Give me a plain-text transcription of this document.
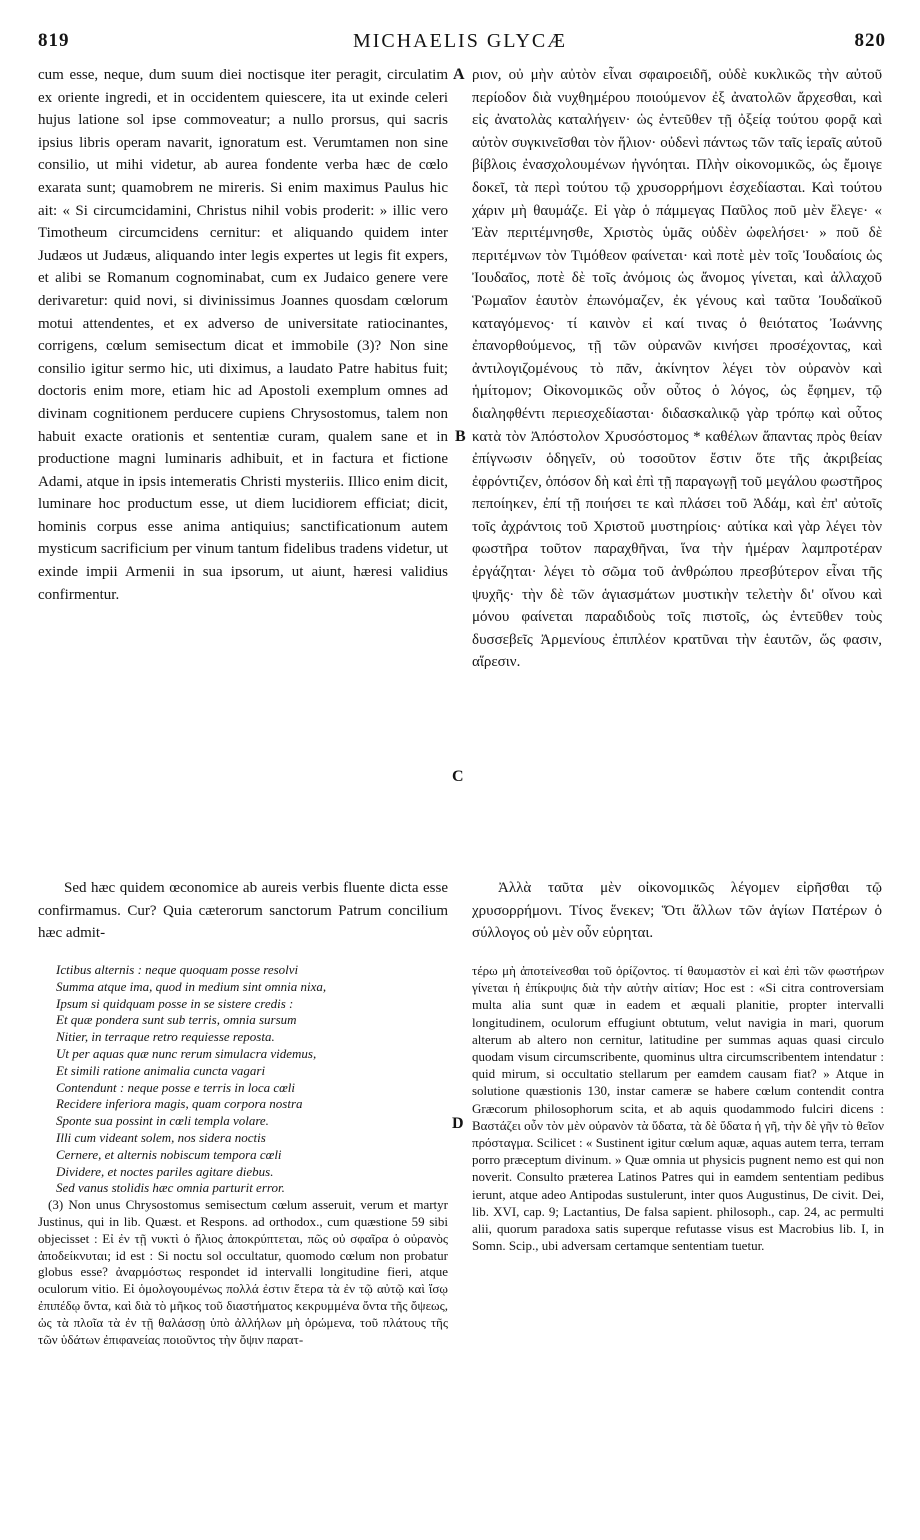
819	MICHAELIS GLYCÆ	820
A
B
C
D

cum esse, neque, dum suum diei noctisque iter peragit, circulatim ex oriente ingredi, et in occidentem quiescere, ita ut exinde celeri hujus latione sol ipse commoveatur; a nullo prorsus, qui sacris ipsius libris operam navarit, ignoratum est. Verumtamen non sine consilio, ut mihi videtur, ab aurea fondente verba hæc de cœlo exarata sunt; quamobrem ne mireris. Si enim maximus Paulus hic ait: « Si circumcidamini, Christus nihil vobis proderit: » illic vero Timotheum circumcidens cernitur: et aliquando quidem inter Judæos ut Judæus, aliquando inter legis expertes ut legis fit expers, et alibi se Romanum cognominabat, cum ex Judaico genere vere derivaretur: quid novi, si divinissimus Joannes quosdam cœlorum motui attendentes, et ex adverso de universitate ratiocinantes, corrigens, cœlum semisectum dicat et immobile (3)? Non sine consilio igitur sermo hic, uti diximus, a laudato Patre habitus fuit; doctoris enim more, etiam hic ad Apostoli exemplum omnes ad divinam cognitionem perducere cupiens Chrysostomus, talem non habuit exacte orationis et sententiæ curam, qualem sane et in productione magni luminaris adhibuit, et in factura et fictione Adami, atque in ipsis intemeratis Christi mysteriis. Illico enim dicit, luminare hoc productum esse, ut diem lucidiorem efficiat; dicit, hominis corpus esse anima antiquius; sanctificationum autem mysticum sacrificium per vinum tantum fidelibus tradens videtur, ut exinde impii Armenii in sua ipsorum, ut aiunt, hæresi validius confirmentur.

ριον, οὐ μὴν αὐτὸν εἶναι σφαιροειδῆ, οὐδὲ κυκλικῶς τὴν αὐτοῦ περίοδον διὰ νυχθημέρου ποιούμενον ἐξ ἀνατολῶν ἄρχεσθαι, καὶ εἰς ἀνατολὰς καταλήγειν· ὡς ἐντεῦθεν τῇ ὀξείᾳ τούτου φορᾷ καὶ αὐτὸν συγκινεῖσθαι τὸν ἥλιον· οὐδενὶ πάντως τῶν ταῖς ἱεραῖς αὐτοῦ βίβλοις ἐνασχολουμένων ἠγνόηται. Πλὴν οἰκονομικῶς, ὡς ἔμοιγε δοκεῖ, τὰ περὶ τούτου τῷ χρυσορρήμονι ἐσχεδίασται. Καὶ τούτου χάριν μὴ θαυμάζε. Εἰ γὰρ ὁ πάμμεγας Παῦλος ποῦ μὲν ἔλεγε· « Ἐὰν περιτέμνησθε, Χριστὸς ὑμᾶς οὐδὲν ὠφελήσει· » ποῦ δὲ περιτέμνων τὸν Τιμόθεον φαίνεται· καὶ ποτὲ μὲν τοῖς Ἰουδαίοις ὡς Ἰουδαῖος, ποτὲ δὲ τοῖς ἀνόμοις ὡς ἄνομος γίνεται, καὶ ἀλλαχοῦ Ῥωμαῖον ἑαυτὸν ἐπωνόμαζεν, ἐκ γένους καὶ ταῦτα Ἰουδαϊκοῦ καταγόμενος· τί καινὸν εἰ καί τινας ὁ θειότατος Ἰωάννης ἐπανορθούμενος, τῇ τῶν οὐρανῶν κινήσει προσέχοντας, καὶ ἀντιλογιζομένους τὸ πᾶν, ἀκίνητον λέγει τὸν οὐρανὸν καὶ ἡμίτομον; Οἰκονομικῶς οὖν οὗτος ὁ λόγος, ὡς ἔφημεν, τῷ διαληφθέντι περιεσχεδίασται· διδασκαλικῷ γὰρ τρόπῳ καὶ οὗτος κατὰ τὸν Ἀπόστολον Χρυσόστομος * καθέλων ἅπαντας πρὸς θείαν ἐπίγνωσιν ὁδηγεῖν, οὐ τοσοῦτον ἔστιν ὅτε τῆς ἀκριβείας ἐφρόντιζεν, ὁπόσον δὴ καὶ ἐπὶ τῇ παραγωγῇ τοῦ μεγάλου φωστῆρος πεποίηκεν, ἐπί τῇ ποιήσει τε καὶ πλάσει τοῦ Ἀδάμ, καὶ ἐπ' αὐτοῖς τοῖς ἀχράντοις τοῦ Χριστοῦ μυστηρίοις· αὐτίκα καὶ γὰρ λέγει τὸν φωστῆρα τοῦτον παραχθῆναι, ἵνα τὴν ἡμέραν λαμπροτέραν ἐργάζηται· λέγει τὸ σῶμα τοῦ ἀνθρώπου πρεσβύτερον εἶναι τῆς ψυχῆς· τὴν δὲ τῶν ἁγιασμάτων μυστικὴν τελετὴν δι' οἴνου καὶ μόνου φαίνεται παραδιδοὺς τοῖς πιστοῖς, ὡς ἐντεῦθεν τοὺς δυσσεβεῖς Ἀρμενίους ἐπιπλέον κρατῦναι τὴν ἑαυτῶν, ὥς φασιν, αἵρεσιν.

Sed hæc quidem œconomice ab aureis verbis fluente dicta esse confirmamus. Cur? Quia cæterorum sanctorum Patrum concilium hæc admit-

Ἀλλὰ ταῦτα μὲν οἰκονομικῶς λέγομεν εἰρῆσθαι τῷ χρυσορρήμονι. Τίνος ἕνεκεν; Ὅτι ἄλλων τῶν ἁγίων Πατέρων ὁ σύλλογος οὐ μὲν οὖν εὑρηται.

Ictibus alternis : neque quoquam posse resolvi
Summa atque ima, quod in medium sint omnia nixa,
Ipsum si quidquam posse in se sistere credis :
Et quæ pondera sunt sub terris, omnia sursum
Nitier, in terraque retro requiesse reposta.
Ut per aquas quæ nunc rerum simulacra videmus,
Et simili ratione animalia cuncta vagari
Contendunt : neque posse e terris in loca cœli
Recidere inferiora magis, quam corpora nostra
Sponte sua possint in cœli templa volare.
Illi cum videant solem, nos sidera noctis
Cernere, et alternis nobiscum tempora cœli
Dividere, et noctes pariles agitare diebus.
Sed vanus stolidis hæc omnia parturit error.

(3) Non unus Chrysostomus semisectum cœlum asseruit, verum et martyr Justinus, qui in lib. Quæst. et Respons. ad orthodox., cum quæstione 59 sibi objecisset : Εἰ ἐν τῇ νυκτὶ ὁ ἥλιος ἀποκρύπτεται, πῶς οὐ σφαῖρα ὁ οὐρανὸς ἀποδείκνυται; id est : Si noctu sol occultatur, quomodo cœlum non probatur globus esse? ἀναρμόστως respondet id intervalli longitudine fieri, atque oculorum vitio. Εἰ ὁμολογουμένως πολλά ἐστιν ἕτερα τὰ ἐν τῷ αὐτῷ καὶ ἴσῳ ἐπιπέδῳ ὄντα, καὶ διὰ τὸ μῆκος τοῦ διαστήματος κεκρυμμένα ὄντα τῆς ὄψεως, ὡς τὰ πλοῖα τὰ ἐν τῇ θαλάσσῃ ὑπὸ ἀλλήλων μὴ ὁρώμενα, τοῦ πλάτους τῆς τῶν ὑδάτων ἐπιφανείας ποιοῦντος τὴν ὄψιν παρατ-

τέρω μὴ ἀποτείνεσθαι τοῦ ὁρίζοντος. τί θαυμαστὸν εἰ καὶ ἐπὶ τῶν φωστήρων γίνεται ἡ ἐπίκρυψις διὰ τὴν αὐτὴν αἰτίαν; Hoc est : «Si citra controversiam multa alia sunt quæ in eadem et æquali planitie, propter intervalli longitudinem, oculorum effugiunt obtutum, velut navigia in mari, quorum alterum ab altero non cernitur, latitudine per summas aquas quasi circulo quodam visum circumscribente, quominus ultra circumscribentem intendatur : quid mirum, si occultatio stellarum per eamdem causam fiat? » Atque in solutione quæstionis 130, instar cameræ se habere cœlum contendit contra Græcorum philosophorum scita, et ab aquis quodammodo fulciri dicens : Βαστάζει οὖν τὸν μὲν οὐρανὸν τὰ ὕδατα, τὰ δὲ ὕδατα ἡ γῆ, τὴν δὲ γῆν τὸ θεῖον πρόσταγμα. Scilicet : « Sustinent igitur cœlum aquæ, aquas autem terra, terram porro præceptum divinum. » Quæ omnia ut physicis pugnent nemo est qui non noverit. Consulto præterea Latinos Patres qui in eamdem sententiam pedibus ierunt, atque adeo Antipodas sustulerunt, inter quos Augustinus, De civit. Dei, lib. XVI, cap. 9; Lactantius, De falsa sapient. philosoph., cap. 24, ac permulti alii, quorum paradoxa satis superque refutasse visus est Macrobius lib. I, in Somn. Scip., ubi adversam certamque sententiam tuetur.
